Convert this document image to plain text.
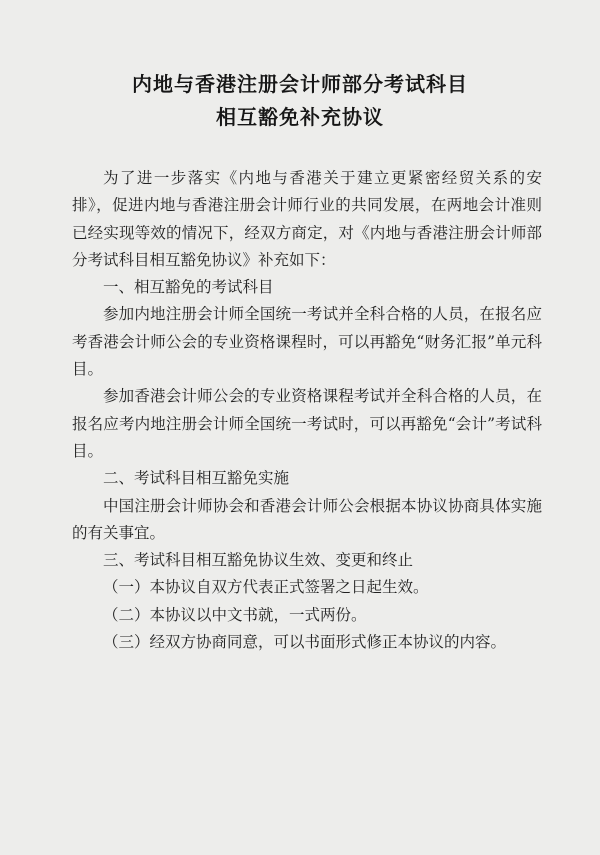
内地与香港注册会计师部分考试科目
相互豁免补充协议

为了进一步落实《内地与香港关于建立更紧密经贸关系的安排》，促进内地与香港注册会计师行业的共同发展，在两地会计准则已经实现等效的情况下，经双方商定，对《内地与香港注册会计师部分考试科目相互豁免协议》补充如下：

一、相互豁免的考试科目

参加内地注册会计师全国统一考试并全科合格的人员，在报名应考香港会计师公会的专业资格课程时，可以再豁免“财务汇报”单元科目。

参加香港会计师公会的专业资格课程考试并全科合格的人员，在报名应考内地注册会计师全国统一考试时，可以再豁免“会计”考试科目。

二、考试科目相互豁免实施

中国注册会计师协会和香港会计师公会根据本协议协商具体实施的有关事宜。

三、考试科目相互豁免协议生效、变更和终止

（一）本协议自双方代表正式签署之日起生效。

（二）本协议以中文书就，一式两份。

（三）经双方协商同意，可以书面形式修正本协议的内容。
